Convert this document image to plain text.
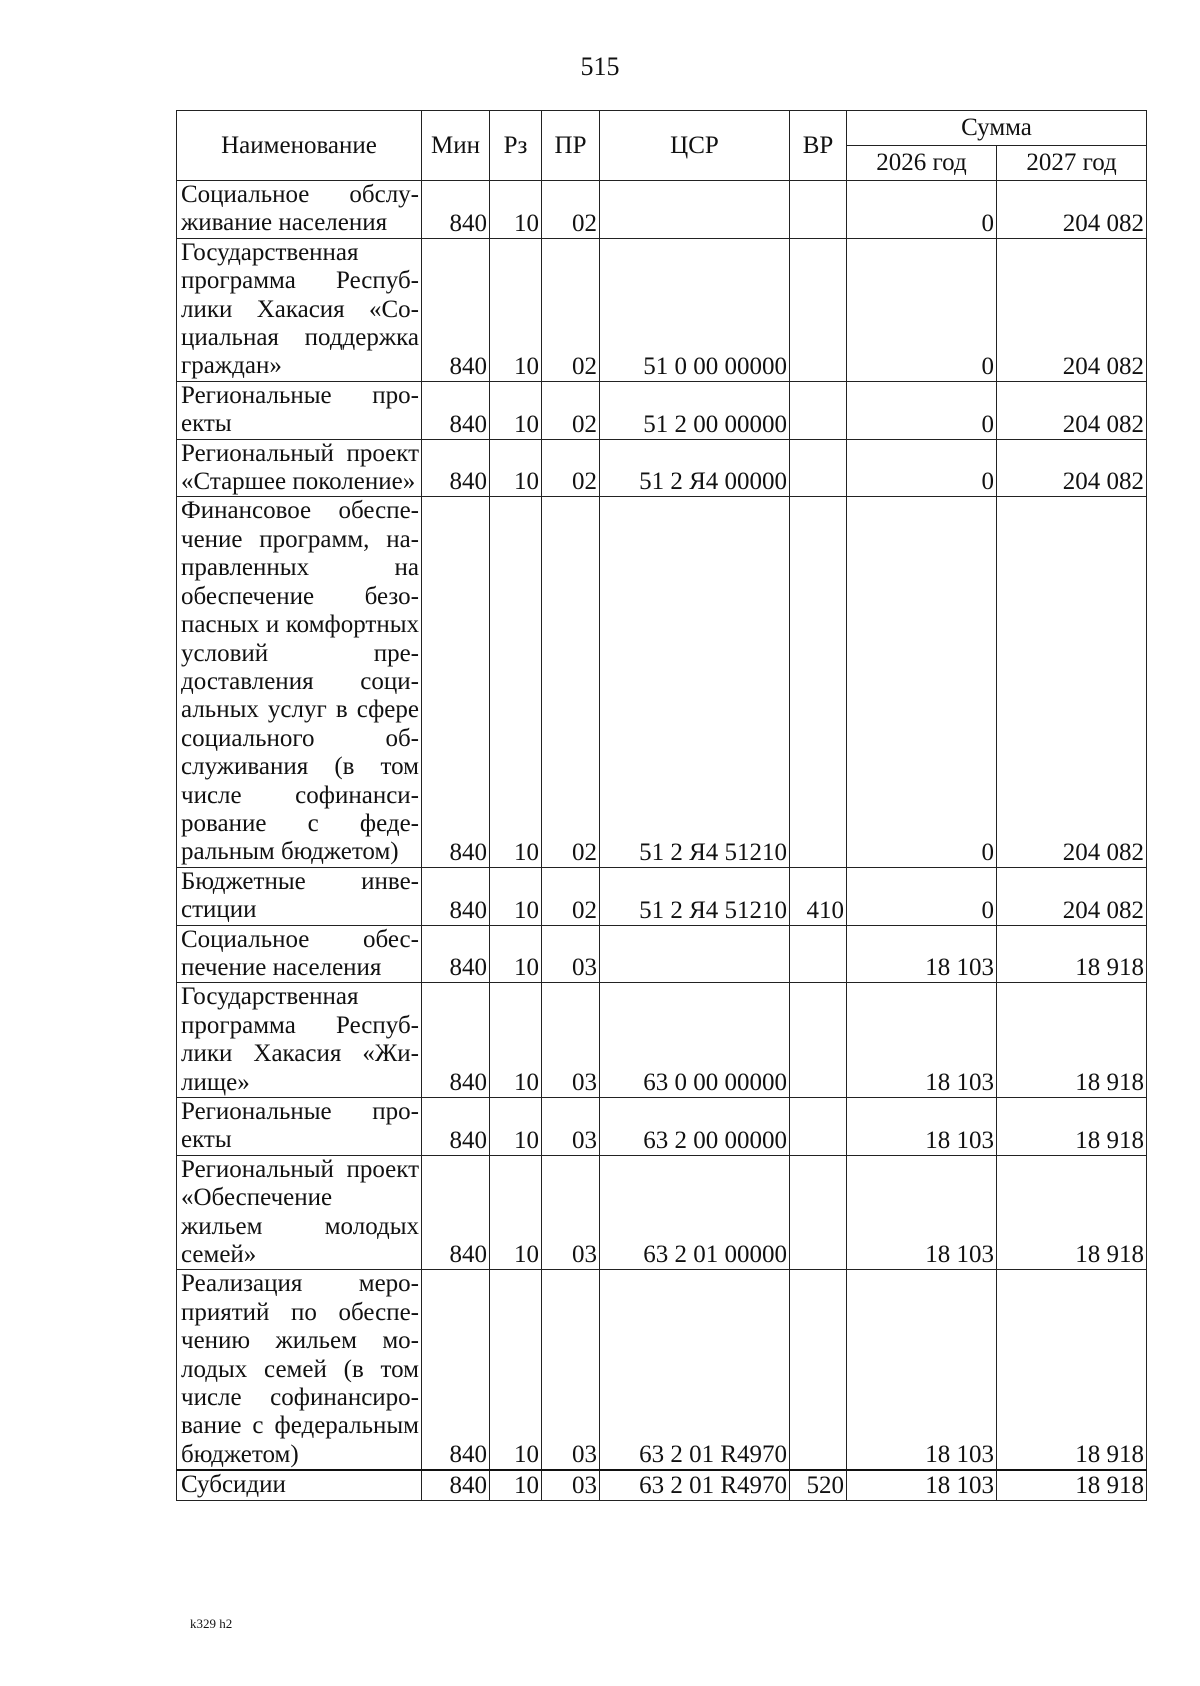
515
Наименование	Мин	Рз	ПР	ЦСР	ВР	Сумма	
						2026 год	2027 год
Социальное обслуживание населения	840	10	02			0	204 082
Государственная программа Республики Хакасия «Социальная поддержка граждан»	840	10	02	51 0 00 00000		0	204 082
Региональные проекты	840	10	02	51 2 00 00000		0	204 082
Региональный проект «Старшее поколение»	840	10	02	51 2 Я4 00000		0	204 082
Финансовое обеспечение программ, направленных на обеспечение безопасных и комфортных условий предоставления социальных услуг в сфере социального обслуживания (в том числе софинансирование с федеральным бюджетом)	840	10	02	51 2 Я4 51210		0	204 082
Бюджетные инвестиции	840	10	02	51 2 Я4 51210	410	0	204 082
Социальное обеспечение населения	840	10	03			18 103	18 918
Государственная программа Республики Хакасия «Жилище»	840	10	03	63 0 00 00000		18 103	18 918
Региональные проекты	840	10	03	63 2 00 00000		18 103	18 918
Региональный проект «Обеспечение жильем молодых семей»	840	10	03	63 2 01 00000		18 103	18 918
Реализация мероприятий по обеспечению жильем молодых семей (в том числе софинансирование с федеральным бюджетом)	840	10	03	63 2 01 R4970		18 103	18 918
Субсидии	840	10	03	63 2 01 R4970	520	18 103	18 918
k329 h2
